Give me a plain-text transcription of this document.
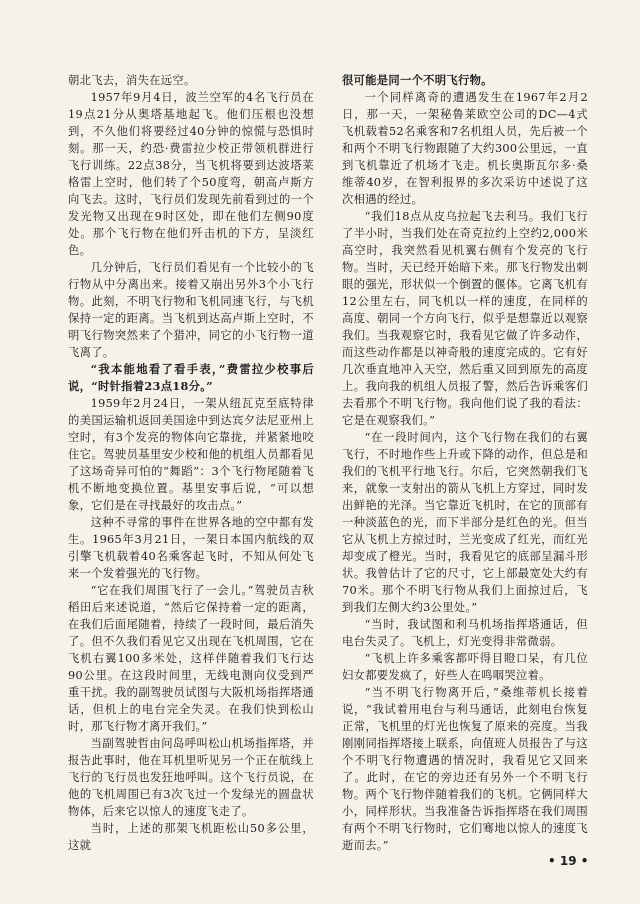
朝北飞去，消失在远空。

1957年9月4日，波兰空军的4名飞行员在19点21分从奥塔基地起飞。他们压根也没想到，不久他们将要经过40分钟的惊慌与恐惧时刻。那一天，约恐·费雷拉少校正带领机群进行飞行训练。22点38分，当飞机将要到达波塔莱格雷上空时，他们转了个50度弯，朝高卢斯方向飞去。这时，飞行员们发现先前看到过的一个发光物又出现在9时区处，即在他们左侧90度处。那个飞行物在他们歼击机的下方，呈淡红色。

几分钟后，飞行员们看见有一个比较小的飞行物从中分离出来。接着又崩出另外3个小飞行物。此刻，不明飞行物和飞机同速飞行，与飞机保持一定的距离。当飞机到达高卢斯上空时，不明飞行物突然来了个猎冲，同它的小飞行物一道飞离了。

“我本能地看了看手表，”费雷拉少校事后说，“时针指着23点18分。”

1959年2月24日，一架从纽瓦克至底特律的美国运输机返回美国途中到达宾夕法尼亚州上空时，有3个发亮的物体向它靠拢，并紧紧地咬住它。驾驶员基里安少校和他的机组人员都看见了这场奇异可怕的“舞蹈”：3个飞行物尾随着飞机不断地变换位置。基里安事后说，“可以想象，它们是在寻找最好的攻击点。”

这种不寻常的事件在世界各地的空中都有发生。1965年3月21日，一架日本国内航线的双引擎飞机载着40名乘客起飞时，不知从何处飞来一个发着强光的飞行物。

“它在我们周围飞行了一会儿。”驾驶员吉秋稻田后来述说道，“然后它保持着一定的距离，在我们后面尾随着，持续了一段时间，最后消失了。但不久我们看见它又出现在飞机周围，它在飞机右翼100多米处，这样伴随着我们飞行达90公里。在这段时间里，无线电测向仪受到严重干扰。我的副驾驶员试图与大阪机场指挥塔通话，但机上的电台完全失灵。在我们快到松山时，那飞行物才离开我们。”

当副驾驶哲由问岛呼叫松山机场指挥塔，并报告此事时，他在耳机里听见另一个正在航线上飞行的飞行员也发狂地呼叫。这个飞行员说，在他的飞机周围已有3次飞过一个发绿光的圆盘状物体，后来它以惊人的速度飞走了。

当时，上述的那架飞机距松山50多公里，这就

很可能是同一个不明飞行物。

一个同样离奇的遭遇发生在1967年2月2日，那一天，一架秘鲁莱欧空公司的DC—4式飞机载着52名乘客和7名机组人员，先后被一个和两个不明飞行物跟随了大约300公里远，一直到飞机靠近了机场才飞走。机长奥斯瓦尔多·桑维蒂40岁，在智利报界的多次采访中述说了这次相遇的经过。

“我们18点从皮乌拉起飞去利马。我们飞行了半小时，当我们处在奇克拉约上空约2,000米高空时，我突然看见机翼右侧有个发亮的飞行物。当时，天已经开始暗下来。那飞行物发出刺眼的强光，形状似一个倒置的偃体。它离飞机有12公里左右，同飞机以一样的速度，在同样的高度、朝同一个方向飞行，似乎是想靠近以观察我们。当我观察它时，我看见它做了许多动作，而这些动作都是以神奇般的速度完成的。它有好几次垂直地冲入天空，然后重又回到原先的高度上。我向我的机组人员报了警，然后告诉乘客们去看那个不明飞行物。我向他们说了我的看法：它是在观察我们。”

“在一段时间内，这个飞行物在我们的右翼飞行，不时地作些上升或下降的动作，但总是和我们的飞机平行地飞行。尔后，它突然朝我们飞来，就象一支射出的箭从飞机上方穿过，同时发出鲜艳的光泽。当它靠近飞机时，在它的顶部有一种淡蓝色的光，而下半部分是红色的光。但当它从飞机上方掠过时，兰光变成了红光，而红光却变成了橙光。当时，我看见它的底部呈漏斗形状。我曾估计了它的尺寸，它上部最宽处大约有70米。那个不明飞行物从我们上面掠过后，飞到我们左侧大约3公里处。”

“当时，我试图和利马机场指挥塔通话，但电台失灵了。飞机上，灯光变得非常微弱。

“飞机上许多乘客都吓得目瞪口呆，有几位妇女都要发疯了，好些人在鸣咽哭泣着。

“当不明飞行物离开后，”桑维蒂机长接着说，“我试着用电台与利马通话，此刻电台恢复正常，飞机里的灯光也恢复了原来的亮度。当我刚刚同指挥塔接上联系，向值班人员报告了与这个不明飞行物遭遇的情况时，我看见它又回来了。此时，在它的旁边还有另外一个不明飞行物。两个飞行物伴随着我们的飞机。它俩同样大小，同样形状。当我准备告诉指挥塔在我们周围有两个不明飞行物时，它们骞地以惊人的速度飞逝而去。”

• 19 •
